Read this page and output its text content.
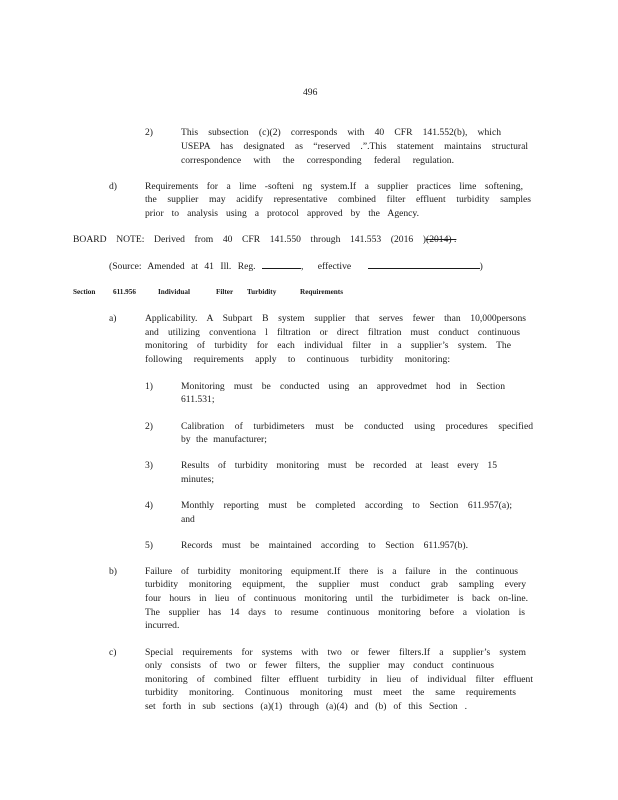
496
2)	This subsection (c)(2) corresponds with 40 CFR 141.552(b), which
USEPA has designated as “reserved .”.This statement maintains structural
correspondence with the corresponding federal regulation.
d)	Requirements for a lime -softeni ng system.If a supplier practices lime softening,
the supplier may acidify representative combined filter effluent turbidity samples
prior to analysis using a protocol approved by the Agency.
BOARD NOTE: Derived from 40 CFR 141.550 through 141.553 (2016 )(2014) .
(Source: Amended at 41 Ill. Reg.	, effective	)
Section 611.956	Individual	Filter Turbidity	Requirements
a)	Applicability. A Subpart B system supplier that serves fewer than 10,000persons
and utilizing conventiona l filtration or direct filtration must conduct continuous
monitoring of turbidity for each individual filter in a supplier’s system. The
following requirements apply to continuous turbidity monitoring:
1)	Monitoring must be conducted using an approvedmet hod in Section
611.531;
2)	Calibration of turbidimeters must be conducted using procedures specified
by the manufacturer;
3)	Results of turbidity monitoring must be recorded at least every 15
minutes;
4)	Monthly reporting must be completed according to Section 611.957(a);
and
5)	Records must be maintained according to Section 611.957(b).
b)	Failure of turbidity monitoring equipment.If there is a failure in the continuous
turbidity monitoring equipment, the supplier must conduct grab sampling every
four hours in lieu of continuous monitoring until the turbidimeter is back on-line.
The supplier has 14 days to resume continuous monitoring before a violation is
incurred.
c)	Special requirements for systems with two or fewer filters.If a supplier’s system
only consists of two or fewer filters, the supplier may conduct continuous
monitoring of combined filter effluent turbidity in lieu of individual filter effluent
turbidity monitoring. Continuous monitoring must meet the same requirements
set forth in sub sections (a)(1) through (a)(4) and (b) of this Section .
